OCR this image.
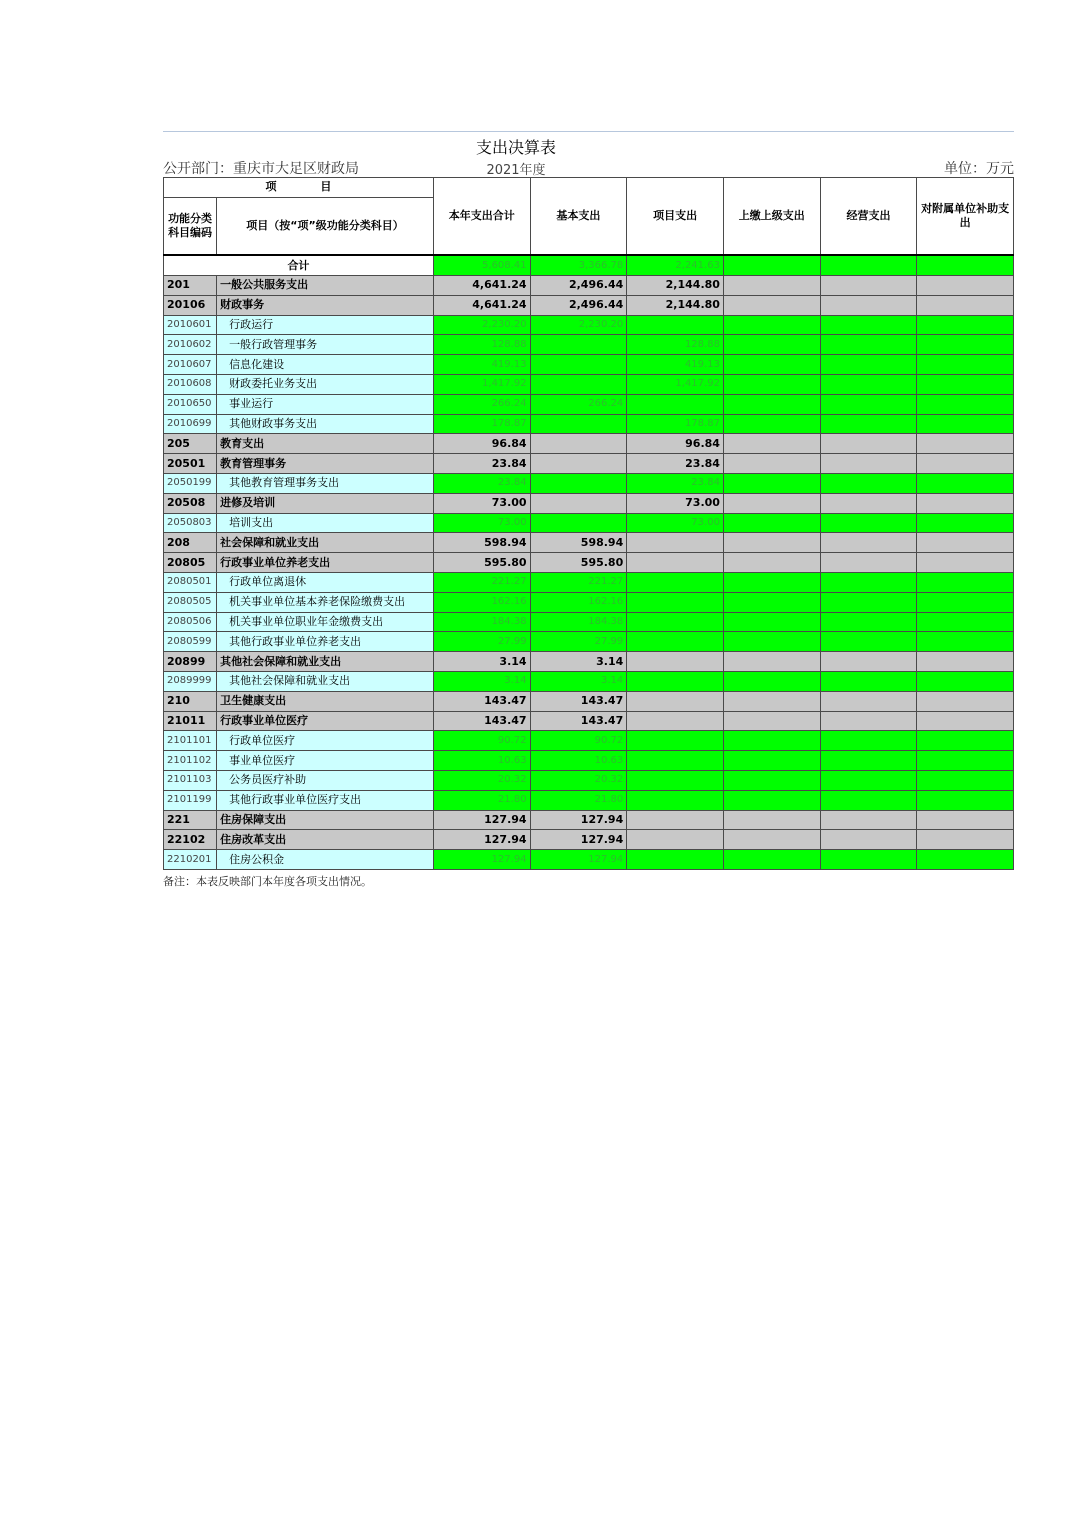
支出决算表
公开部门：重庆市大足区财政局	2021年度	单位：万元
项　　　　目		本年支出合计	基本支出	项目支出	上缴上级支出	经营支出	对附属单位补助支出
功能分类科目编码	项目（按“项”级功能分类科目）						
合计		5,608.41	3,366.78	2,241.63			
201	一般公共服务支出	4,641.24	2,496.44	2,144.80			
20106	财政事务	4,641.24	2,496.44	2,144.80			
2010601	行政运行	2,230.20	2,230.20				
2010602	一般行政管理事务	128.88		128.88			
2010607	信息化建设	419.13		419.13			
2010608	财政委托业务支出	1,417.92		1,417.92			
2010650	事业运行	266.24	266.24				
2010699	其他财政事务支出	178.87		178.87			
205	教育支出	96.84		96.84			
20501	教育管理事务	23.84		23.84			
2050199	其他教育管理事务支出	23.84		23.84			
20508	进修及培训	73.00		73.00			
2050803	培训支出	73.00		73.00			
208	社会保障和就业支出	598.94	598.94				
20805	行政事业单位养老支出	595.80	595.80				
2080501	行政单位离退休	221.27	221.27				
2080505	机关事业单位基本养老保险缴费支出	162.16	162.16				
2080506	机关事业单位职业年金缴费支出	184.38	184.38				
2080599	其他行政事业单位养老支出	27.99	27.99				
20899	其他社会保障和就业支出	3.14	3.14				
2089999	其他社会保障和就业支出	3.14	3.14				
210	卫生健康支出	143.47	143.47				
21011	行政事业单位医疗	143.47	143.47				
2101101	行政单位医疗	90.72	90.72				
2101102	事业单位医疗	10.63	10.63				
2101103	公务员医疗补助	20.32	20.32				
2101199	其他行政事业单位医疗支出	21.80	21.80				
221	住房保障支出	127.94	127.94				
22102	住房改革支出	127.94	127.94				
2210201	住房公积金	127.94	127.94				
备注：本表反映部门本年度各项支出情况。
